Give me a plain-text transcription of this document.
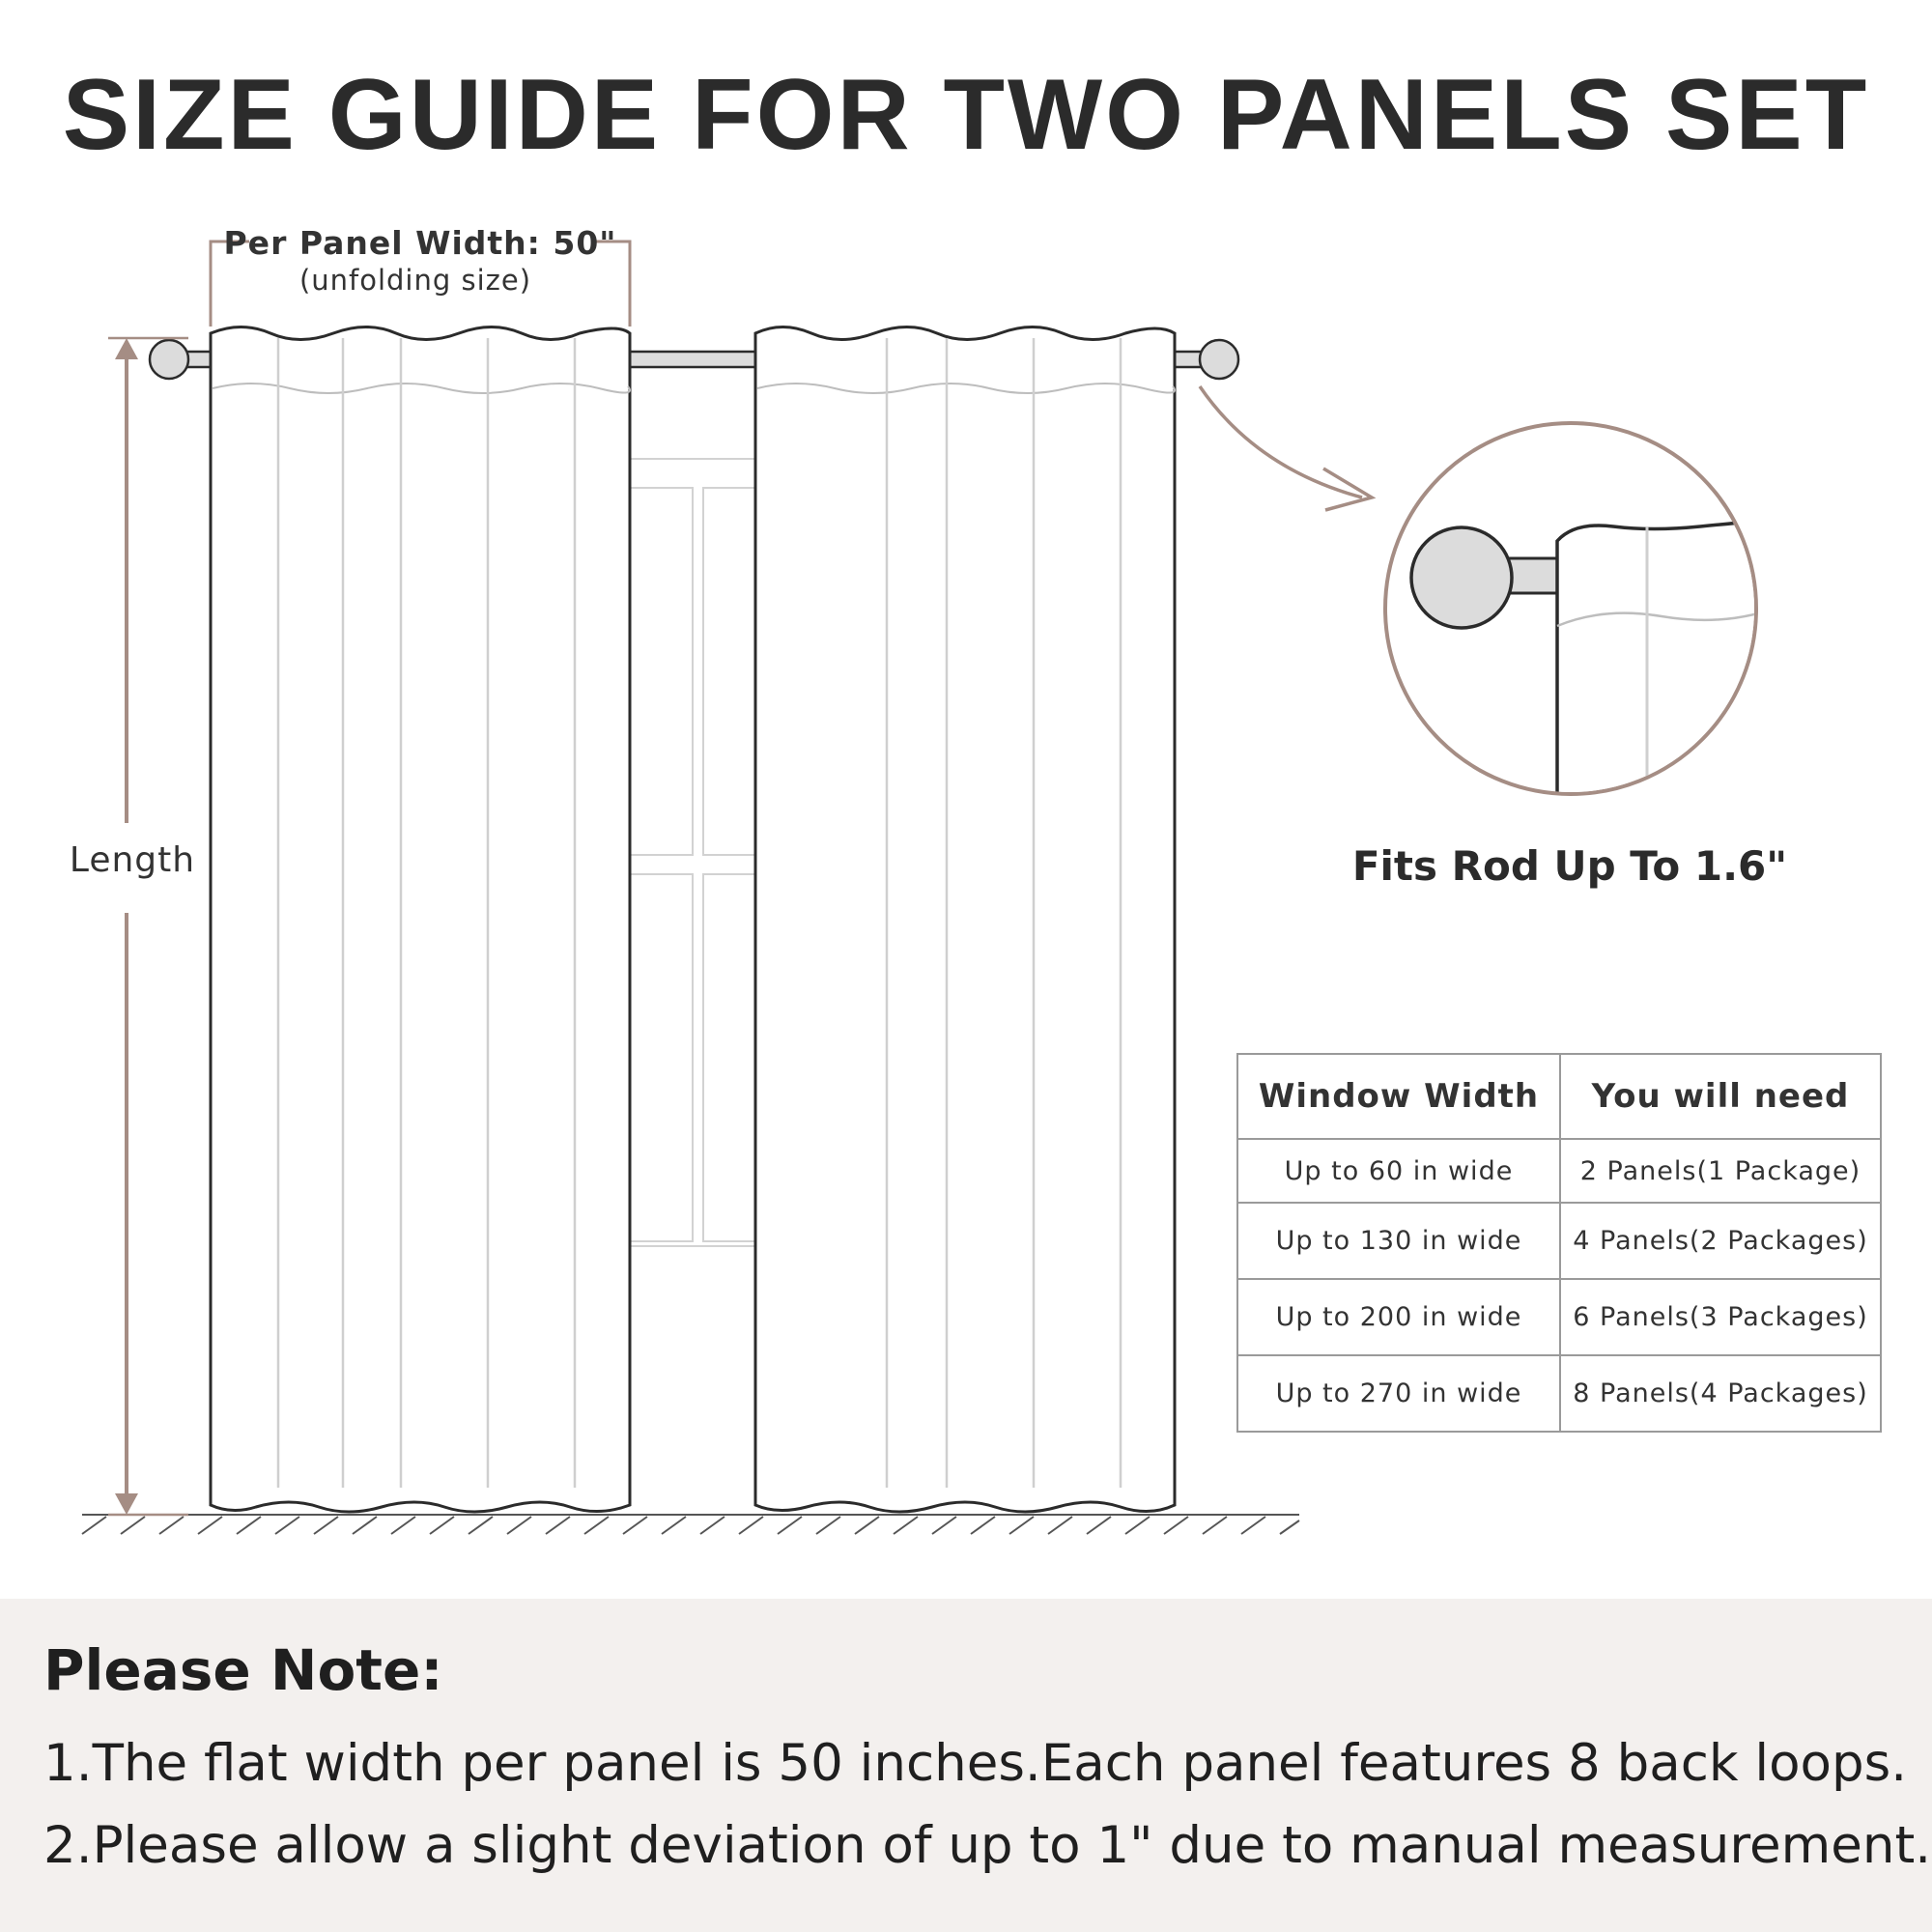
SIZE GUIDE FOR TWO PANELS SET
Per Panel Width: 50"
(unfolding size)
Length	Fits Rod Up To 1.6"
Window Width	You will need
Up to 60 in wide	2 Panels(1 Package)
Up to 130 in wide	4 Panels(2 Packages)
Up to 200 in wide	6 Panels(3 Packages)
Up to 270 in wide	8 Panels(4 Packages)
Please Note:

1.The flat width per panel is 50 inches.Each panel features 8 back loops.

2.Please allow a slight deviation of up to 1" due to manual measurement.
